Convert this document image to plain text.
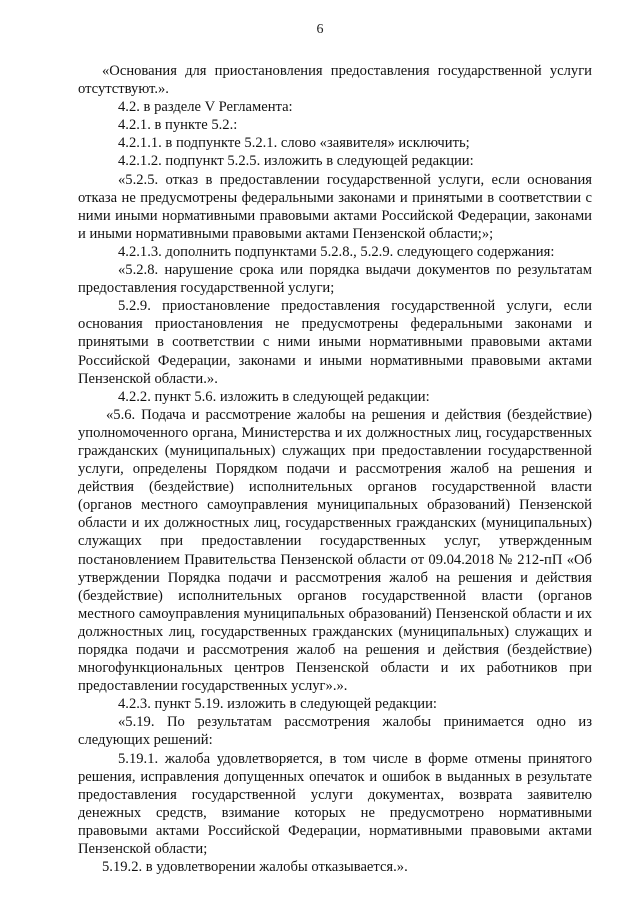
6

«Основания для приостановления предоставления государственной услуги отсутствуют.».

4.2. в разделе V Регламента:

4.2.1. в пункте 5.2.:

4.2.1.1. в подпункте 5.2.1. слово «заявителя» исключить;

4.2.1.2. подпункт 5.2.5. изложить в следующей редакции:

«5.2.5. отказ в предоставлении государственной услуги, если основания отказа не предусмотрены федеральными законами и принятыми в соответствии с ними иными нормативными правовыми актами Российской Федерации, законами и иными нормативными правовыми актами Пензенской области;»;

4.2.1.3. дополнить подпунктами 5.2.8., 5.2.9. следующего содержания:

«5.2.8. нарушение срока или порядка выдачи документов по результатам предоставления государственной услуги;

5.2.9. приостановление предоставления государственной услуги, если основания приостановления не предусмотрены федеральными законами и принятыми в соответствии с ними иными нормативными правовыми актами Российской Федерации, законами и иными нормативными правовыми актами Пензенской области.».

4.2.2. пункт 5.6. изложить в следующей редакции:

«5.6. Подача и рассмотрение жалобы на решения и действия (бездействие) уполномоченного органа, Министерства и их должностных лиц, государственных гражданских (муниципальных) служащих при предоставлении государственной услуги, определены Порядком подачи и рассмотрения жалоб на решения и действия (бездействие) исполнительных органов государственной власти (органов местного самоуправления муниципальных образований) Пензенской области и их должностных лиц, государственных гражданских (муниципальных) служащих при предоставлении государственных услуг, утвержденным постановлением Правительства Пензенской области от 09.04.2018 № 212-пП «Об утверждении Порядка подачи и рассмотрения жалоб на решения и действия (бездействие) исполнительных органов государственной власти (органов местного самоуправления муниципальных образований) Пензенской области и их должностных лиц, государственных гражданских (муниципальных) служащих и порядка подачи и рассмотрения жалоб на решения и действия (бездействие) многофункциональных центров Пензенской области и их работников при предоставлении государственных услуг».».

4.2.3. пункт 5.19. изложить в следующей редакции:

«5.19. По результатам рассмотрения жалобы принимается одно из следующих решений:

5.19.1. жалоба удовлетворяется, в том числе в форме отмены принятого решения, исправления допущенных опечаток и ошибок в выданных в результате предоставления государственной услуги документах, возврата заявителю денежных средств, взимание которых не предусмотрено нормативными правовыми актами Российской Федерации, нормативными правовыми актами Пензенской области;

5.19.2. в удовлетворении жалобы отказывается.».
